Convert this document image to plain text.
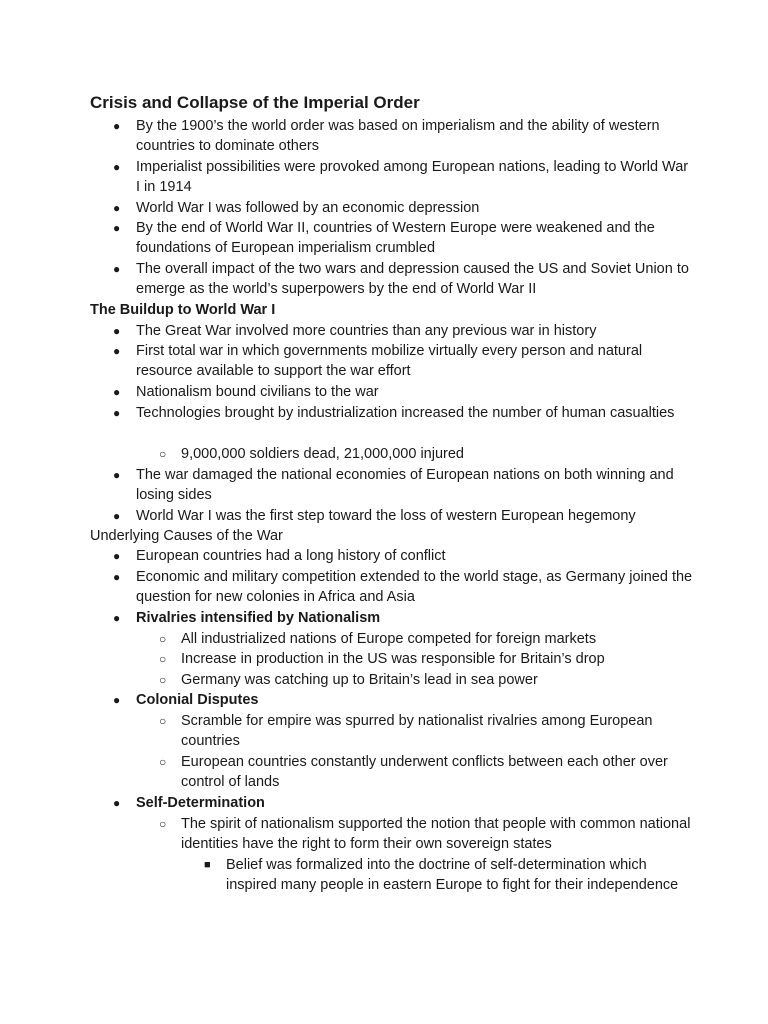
Crisis and Collapse of the Imperial Order
● By the 1900’s the world order was based on imperialism and the ability of western countries to dominate others
● Imperialist possibilities were provoked among European nations, leading to World War I in 1914
● World War I was followed by an economic depression
● By the end of World War II, countries of Western Europe were weakened and the foundations of European imperialism crumbled
● The overall impact of the two wars and depression caused the US and Soviet Union to emerge as the world’s superpowers by the end of World War II
The Buildup to World War I
● The Great War involved more countries than any previous war in history
● First total war in which governments mobilize virtually every person and natural resource available to support the war effort
● Nationalism bound civilians to the war
● Technologies brought by industrialization increased the number of human casualties
○ 9,000,000 soldiers dead, 21,000,000 injured
● The war damaged the national economies of European nations on both winning and losing sides
● World War I was the first step toward the loss of western European hegemony
Underlying Causes of the War
● European countries had a long history of conflict
● Economic and military competition extended to the world stage, as Germany joined the question for new colonies in Africa and Asia
● Rivalries intensified by Nationalism
○ All industrialized nations of Europe competed for foreign markets
○ Increase in production in the US was responsible for Britain’s drop
○ Germany was catching up to Britain’s lead in sea power
● Colonial Disputes
○ Scramble for empire was spurred by nationalist rivalries among European countries
○ European countries constantly underwent conflicts between each other over control of lands
● Self-Determination
○ The spirit of nationalism supported the notion that people with common national identities have the right to form their own sovereign states
■ Belief was formalized into the doctrine of self-determination which inspired many people in eastern Europe to fight for their independence
